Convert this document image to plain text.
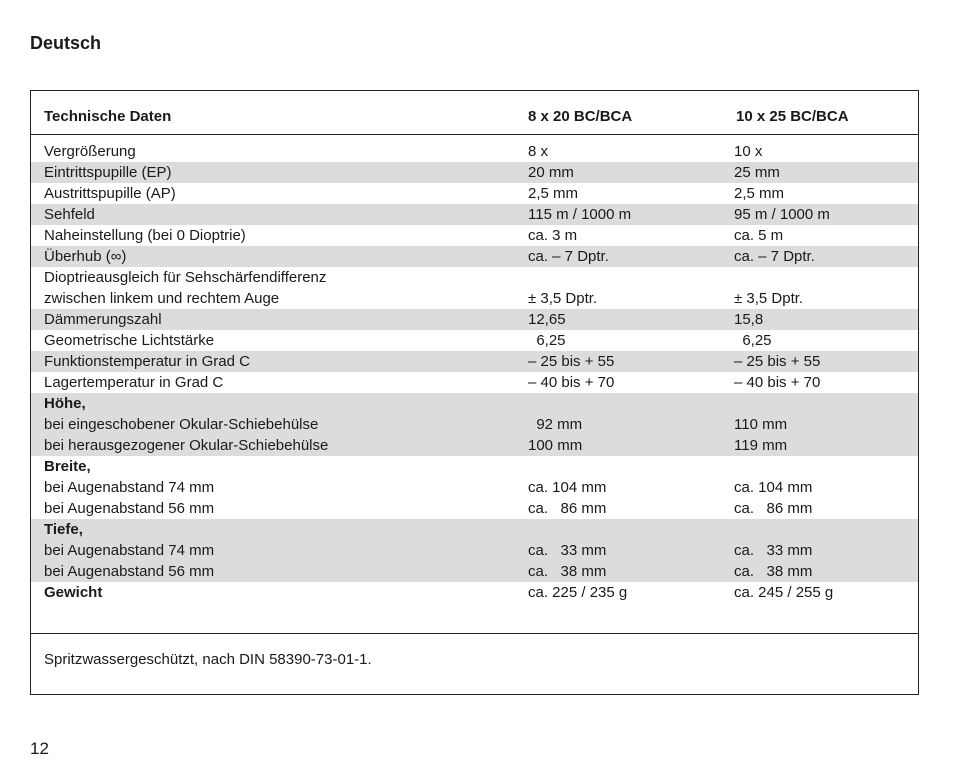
Deutsch
Technische Daten	8 x 20 BC/BCA	10 x 25 BC/BCA
Vergrößerung	8 x	10 x
Eintrittspupille (EP)	20 mm	25 mm
Austrittspupille (AP)	2,5 mm	2,5 mm
Sehfeld	115 m / 1000 m	95 m / 1000 m
Naheinstellung (bei 0 Dioptrie)	ca. 3 m	ca. 5 m
Überhub (∞)	ca. – 7 Dptr.	ca. – 7 Dptr.
Dioptrieausgleich für Sehschärfendifferenz
zwischen linkem und rechtem Auge	± 3,5 Dptr.	± 3,5 Dptr.
Dämmerungszahl	12,65	15,8
Geometrische Lichtstärke	6,25	6,25
Funktionstemperatur in Grad C	– 25 bis + 55	– 25 bis + 55
Lagertemperatur in Grad C	– 40 bis + 70	– 40 bis + 70
Höhe,
bei eingeschobener Okular-Schiebehülse	92 mm	110 mm
bei herausgezogener Okular-Schiebehülse	100 mm	119 mm
Breite,
bei Augenabstand 74 mm	ca. 104 mm	ca. 104 mm
bei Augenabstand 56 mm	ca.   86 mm	ca.   86 mm
Tiefe,
bei Augenabstand 74 mm	ca.   33 mm	ca.   33 mm
bei Augenabstand 56 mm	ca.   38 mm	ca.   38 mm
Gewicht	ca. 225 / 235 g	ca. 245 / 255 g
Spritzwassergeschützt, nach DIN 58390-73-01-1.
12
